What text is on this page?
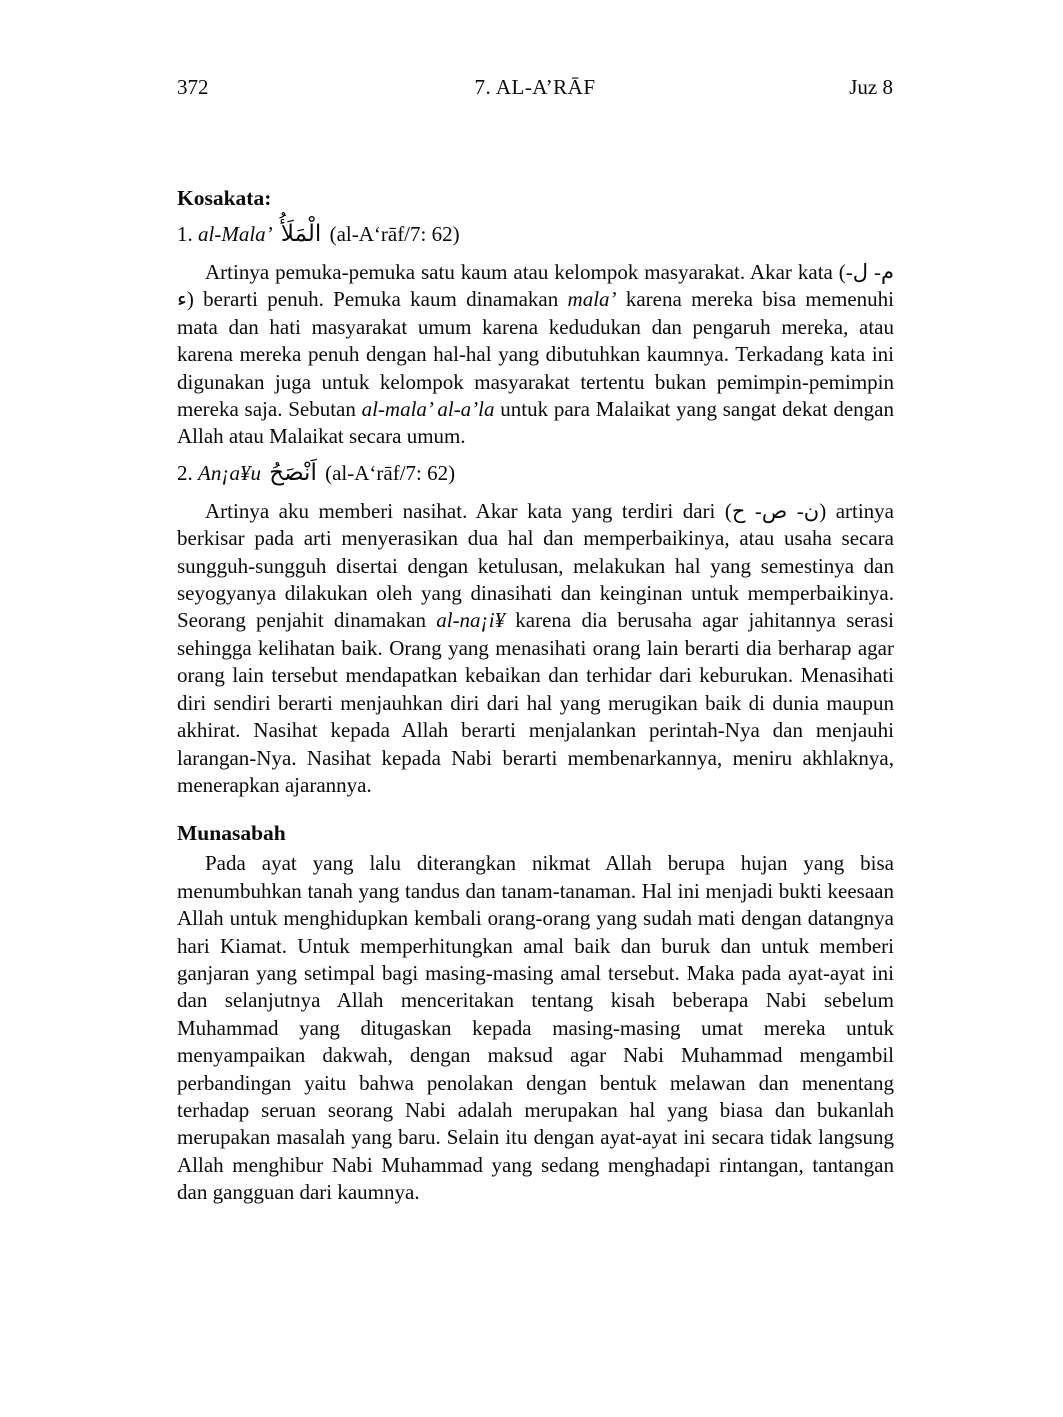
372	7. AL-A’RĀF	Juz 8
Kosakata:

1. al-Mala’ الْمَلَأُ (al-A‘rāf/7: 62)

Artinya pemuka-pemuka satu kaum atau kelompok masyarakat. Akar kata (م- ل- ء) berarti penuh. Pemuka kaum dinamakan mala’ karena mereka bisa memenuhi mata dan hati masyarakat umum karena kedudukan dan pengaruh mereka, atau karena mereka penuh dengan hal-hal yang dibutuhkan kaumnya. Terkadang kata ini digunakan juga untuk kelompok masyarakat tertentu bukan pemimpin-pemimpin mereka saja. Sebutan al-mala’ al-a’la untuk para Malaikat yang sangat dekat dengan Allah atau Malaikat secara umum.

2. An¡a¥u اَنْصَحُ (al-A‘rāf/7: 62)

Artinya aku memberi nasihat. Akar kata yang terdiri dari (ن- ص- ح) artinya berkisar pada arti menyerasikan dua hal dan memperbaikinya, atau usaha secara sungguh-sungguh disertai dengan ketulusan, melakukan hal yang semestinya dan seyogyanya dilakukan oleh yang dinasihati dan keinginan untuk memperbaikinya. Seorang penjahit dinamakan al-na¡i¥ karena dia berusaha agar jahitannya serasi sehingga kelihatan baik. Orang yang menasihati orang lain berarti dia berharap agar orang lain tersebut mendapatkan kebaikan dan terhidar dari keburukan. Menasihati diri sendiri berarti menjauhkan diri dari hal yang merugikan baik di dunia maupun akhirat. Nasihat kepada Allah berarti menjalankan perintah-Nya dan menjauhi larangan-Nya. Nasihat kepada Nabi berarti membenarkannya, meniru akhlaknya, menerapkan ajarannya.

Munasabah

Pada ayat yang lalu diterangkan nikmat Allah berupa hujan yang bisa menumbuhkan tanah yang tandus dan tanam-tanaman. Hal ini menjadi bukti keesaan Allah untuk menghidupkan kembali orang-orang yang sudah mati dengan datangnya hari Kiamat. Untuk memperhitungkan amal baik dan buruk dan untuk memberi ganjaran yang setimpal bagi masing-masing amal tersebut. Maka pada ayat-ayat ini dan selanjutnya Allah menceritakan tentang kisah beberapa Nabi sebelum Muhammad yang ditugaskan kepada masing-masing umat mereka untuk menyampaikan dakwah, dengan maksud agar Nabi Muhammad mengambil perbandingan yaitu bahwa penolakan dengan bentuk melawan dan menentang terhadap seruan seorang Nabi adalah merupakan hal yang biasa dan bukanlah merupakan masalah yang baru. Selain itu dengan ayat-ayat ini secara tidak langsung Allah menghibur Nabi Muhammad yang sedang menghadapi rintangan, tantangan dan gangguan dari kaumnya.
